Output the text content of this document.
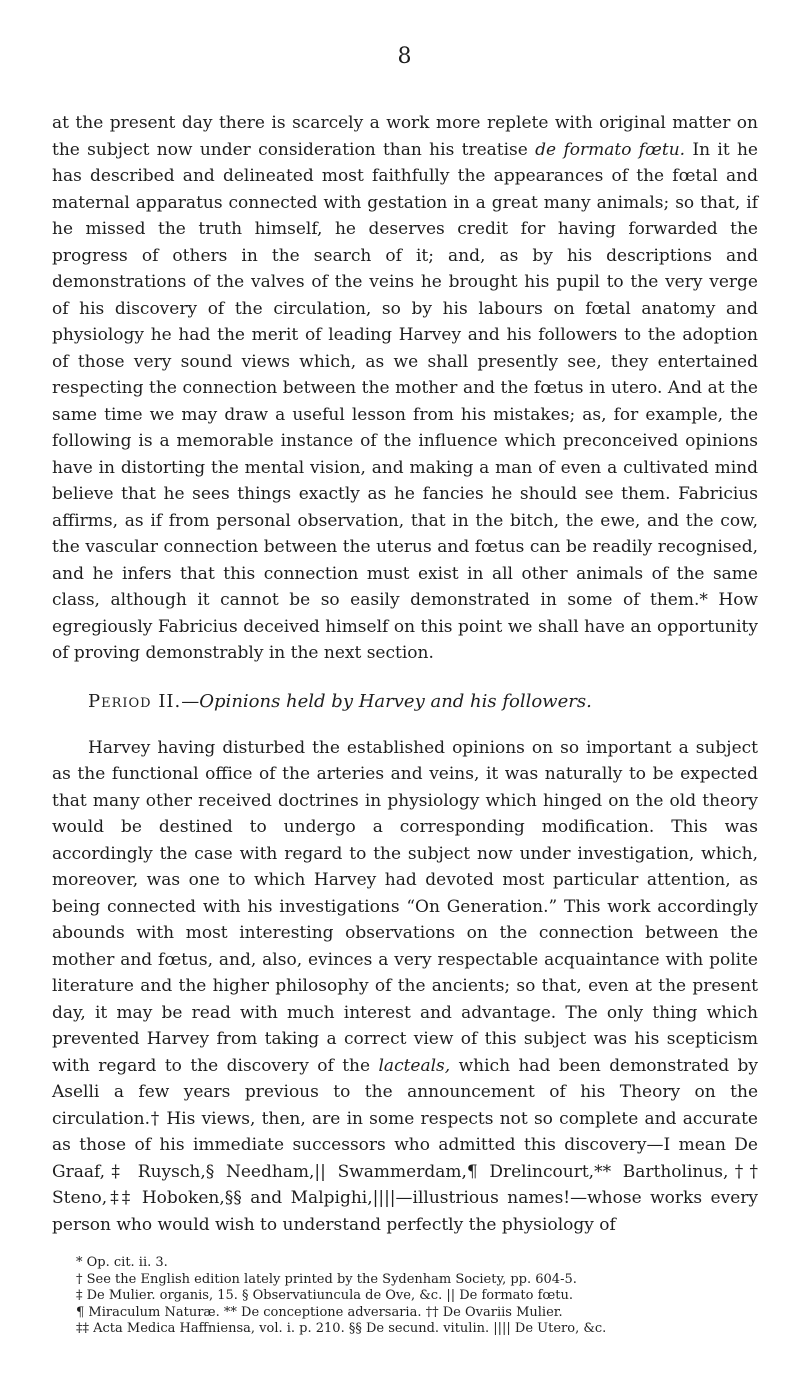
8

at the present day there is scarcely a work more replete with original matter on the subject now under consideration than his treatise de formato fœtu. In it he has described and delineated most faithfully the appearances of the fœtal and maternal apparatus connected with gestation in a great many animals; so that, if he missed the truth himself, he deserves credit for having forwarded the progress of others in the search of it; and, as by his descriptions and demonstrations of the valves of the veins he brought his pupil to the very verge of his discovery of the circulation, so by his labours on fœtal anatomy and physiology he had the merit of leading Harvey and his followers to the adoption of those very sound views which, as we shall presently see, they entertained respecting the connection between the mother and the fœtus in utero. And at the same time we may draw a useful lesson from his mistakes; as, for example, the following is a memorable instance of the influence which preconceived opinions have in distorting the mental vision, and making a man of even a cultivated mind believe that he sees things exactly as he fancies he should see them. Fabricius affirms, as if from personal observation, that in the bitch, the ewe, and the cow, the vascular connection between the uterus and fœtus can be readily recognised, and he infers that this connection must exist in all other animals of the same class, although it cannot be so easily demonstrated in some of them.* How egregiously Fabricius deceived himself on this point we shall have an opportunity of proving demonstrably in the next section.

Period II.—Opinions held by Harvey and his followers.

Harvey having disturbed the established opinions on so important a subject as the functional office of the arteries and veins, it was naturally to be expected that many other received doctrines in physiology which hinged on the old theory would be destined to undergo a corresponding modification. This was accordingly the case with regard to the subject now under investigation, which, moreover, was one to which Harvey had devoted most particular attention, as being connected with his investigations “On Generation.” This work accordingly abounds with most interesting observations on the connection between the mother and fœtus, and, also, evinces a very respectable acquaintance with polite literature and the higher philosophy of the ancients; so that, even at the present day, it may be read with much interest and advantage. The only thing which prevented Harvey from taking a correct view of this subject was his scepticism with regard to the discovery of the lacteals, which had been demonstrated by Aselli a few years previous to the announcement of his Theory on the circulation.† His views, then, are in some respects not so complete and accurate as those of his immediate successors who admitted this discovery—I mean De Graaf,‡ Ruysch,§ Needham,|| Swammerdam,¶ Drelincourt,** Bartholinus,†† Steno,‡‡ Hoboken,§§ and Malpighi,||||—illustrious names!—whose works every person who would wish to understand perfectly the physiology of

* Op. cit. ii. 3.

† See the English edition lately printed by the Sydenham Society, pp. 604-5.

‡ De Mulier. organis, 15. § Observatiuncula de Ove, &c. || De formato fœtu.

¶ Miraculum Naturæ. ** De conceptione adversaria. †† De Ovariis Mulier.

‡‡ Acta Medica Haffniensa, vol. i. p. 210. §§ De secund. vitulin. |||| De Utero, &c.
